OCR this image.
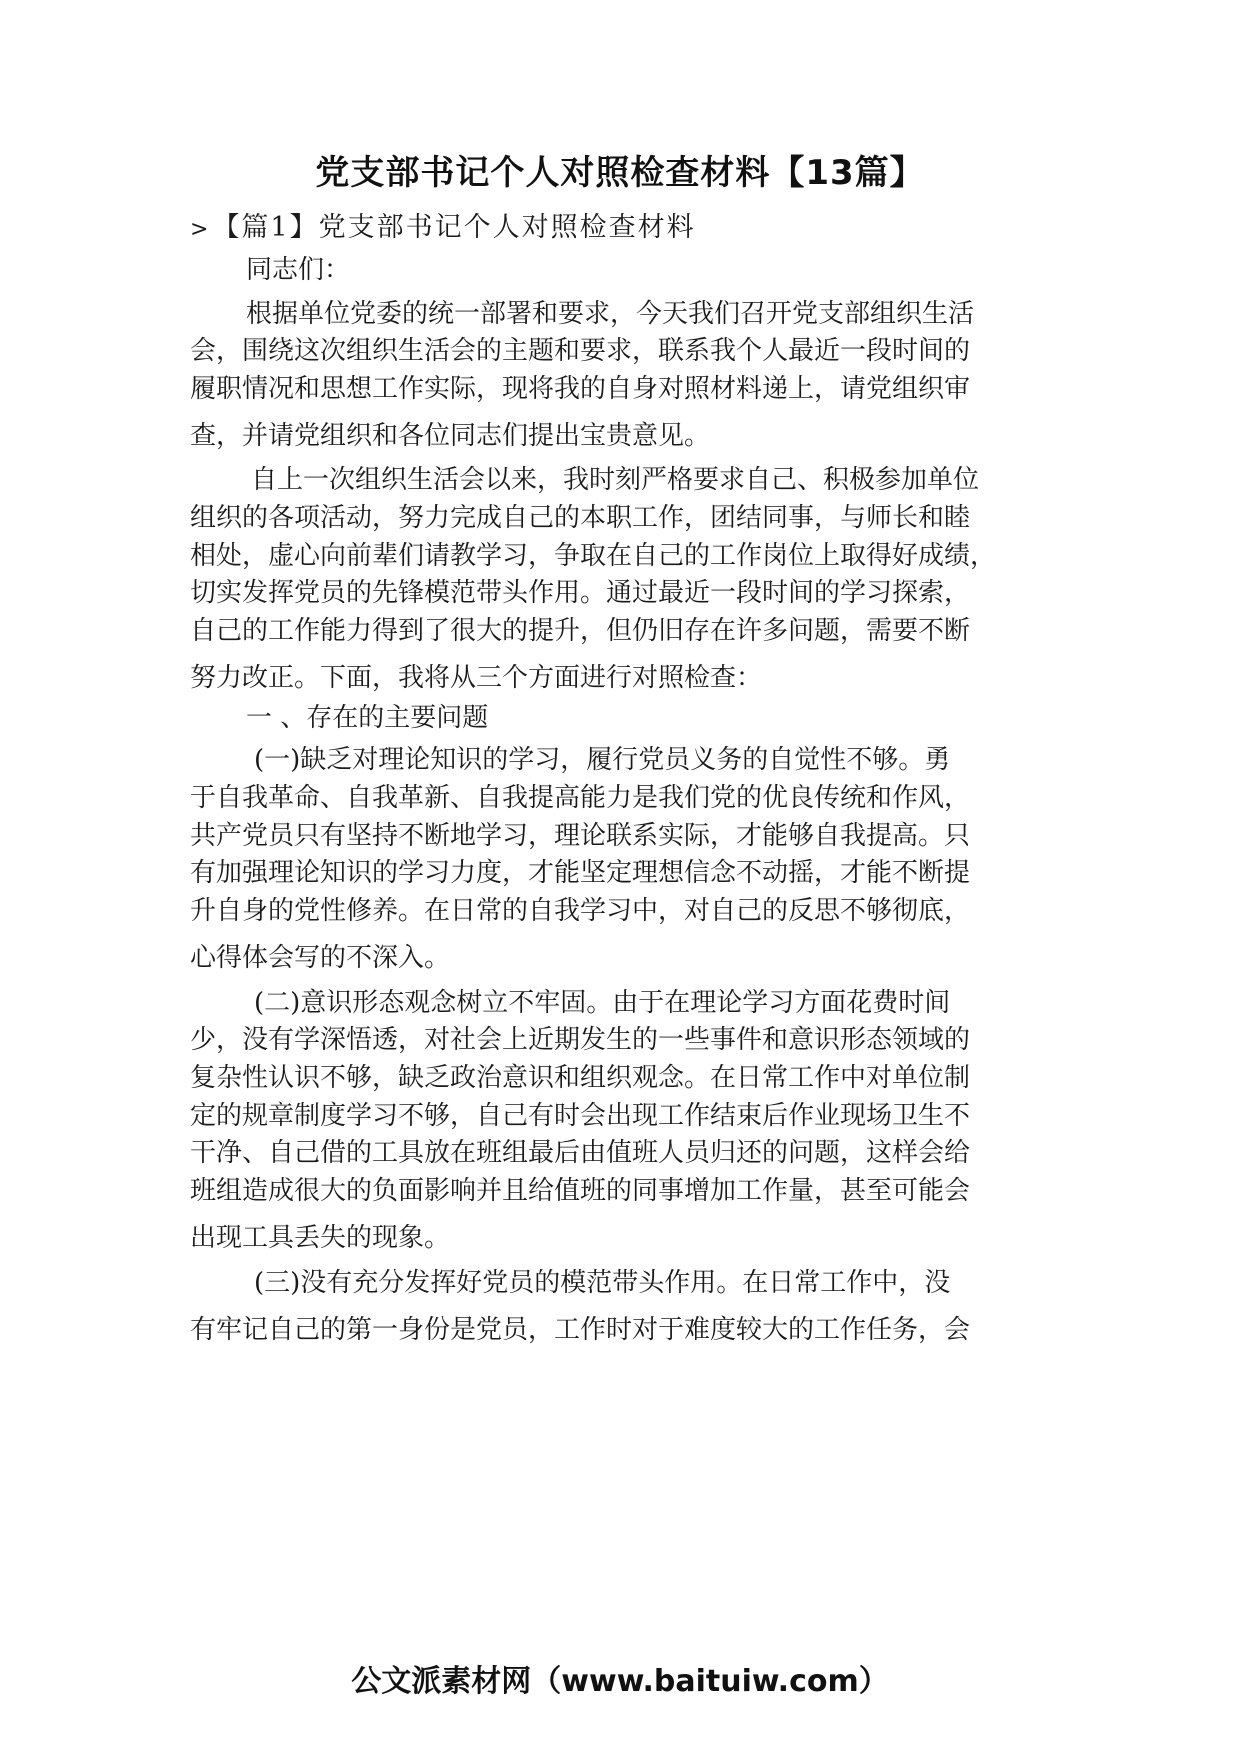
党支部书记个人对照检查材料【13篇】
>【篇1】党支部书记个人对照检查材料
同志们：
根据单位党委的统一部署和要求，今天我们召开党支部组织生活
会，围绕这次组织生活会的主题和要求，联系我个人最近一段时间的
履职情况和思想工作实际，现将我的自身对照材料递上，请党组织审
查，并请党组织和各位同志们提出宝贵意见。
自上一次组织生活会以来，我时刻严格要求自己、积极参加单位
组织的各项活动，努力完成自己的本职工作，团结同事，与师长和睦
相处，虚心向前辈们请教学习，争取在自己的工作岗位上取得好成绩，
切实发挥党员的先锋模范带头作用。通过最近一段时间的学习探索，
自己的工作能力得到了很大的提升，但仍旧存在许多问题，需要不断
努力改正。下面，我将从三个方面进行对照检查：
一 、存在的主要问题
(一)缺乏对理论知识的学习，履行党员义务的自觉性不够。勇
于自我革命、自我革新、自我提高能力是我们党的优良传统和作风，
共产党员只有坚持不断地学习，理论联系实际，才能够自我提高。只
有加强理论知识的学习力度，才能坚定理想信念不动摇，才能不断提
升自身的党性修养。在日常的自我学习中，对自己的反思不够彻底，
心得体会写的不深入。
(二)意识形态观念树立不牢固。由于在理论学习方面花费时间
少，没有学深悟透，对社会上近期发生的一些事件和意识形态领域的
复杂性认识不够，缺乏政治意识和组织观念。在日常工作中对单位制
定的规章制度学习不够，自己有时会出现工作结束后作业现场卫生不
干净、自己借的工具放在班组最后由值班人员归还的问题，这样会给
班组造成很大的负面影响并且给值班的同事增加工作量，甚至可能会
出现工具丢失的现象。
(三)没有充分发挥好党员的模范带头作用。在日常工作中，没
有牢记自己的第一身份是党员，工作时对于难度较大的工作任务，会
公文派素材网（www.baituiw.com）
